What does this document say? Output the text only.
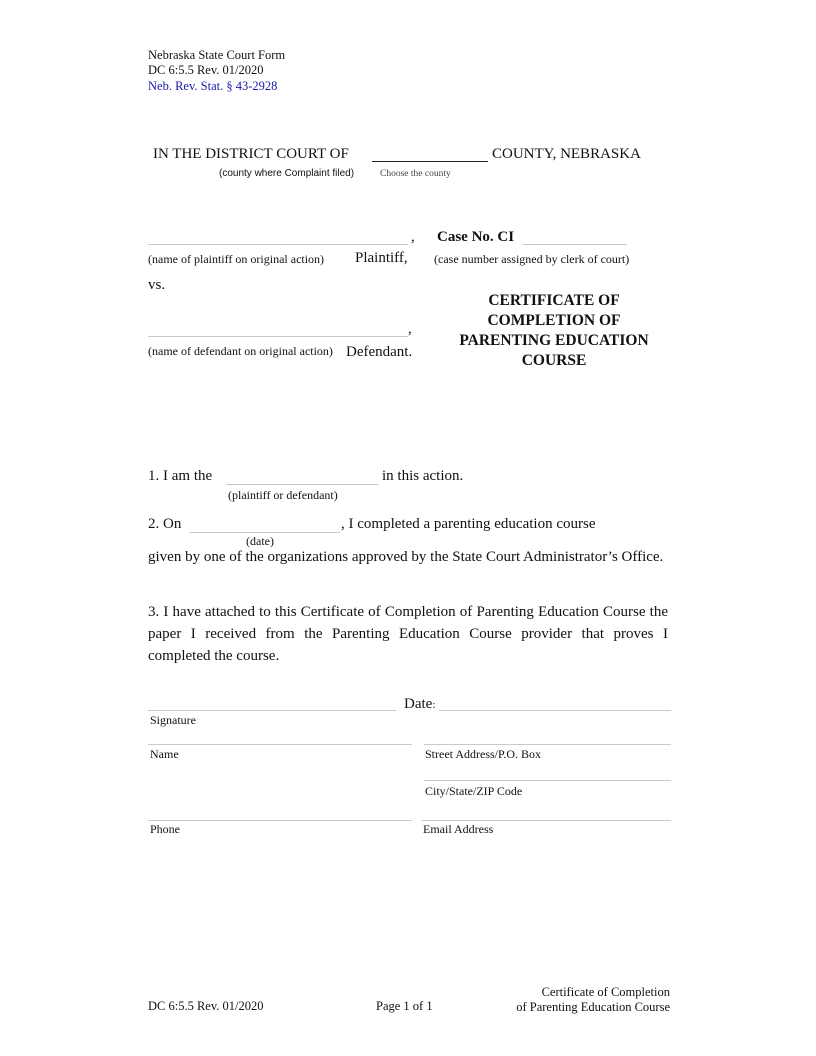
Nebraska State Court Form
DC 6:5.5 Rev. 01/2020
Neb. Rev. Stat. § 43-2928
IN THE DISTRICT COURT OF	COUNTY, NEBRASKA
(county where Complaint filed)	Choose the county
,
(name of plaintiff on original action) Plaintiff,
vs.
Case No. CI
(case number assigned by clerk of court)
CERTIFICATE OF
COMPLETION OF
PARENTING EDUCATION
COURSE
,
(name of defendant on original action) Defendant.
1. I am the	in this action.
(plaintiff or defendant)
2. On	, I completed a parenting education course
(date)
given by one of the organizations approved by the State Court Administrator’s Office.
3. I have attached to this Certificate of Completion of Parenting Education Course the paper I received from the Parenting Education Course provider that proves I completed the course.
Date:
Signature
Name	Street Address/P.O. Box
City/State/ZIP Code
Phone	Email Address
DC 6:5.5 Rev. 01/2020	Page 1 of 1
Certificate of Completion
of Parenting Education Course
